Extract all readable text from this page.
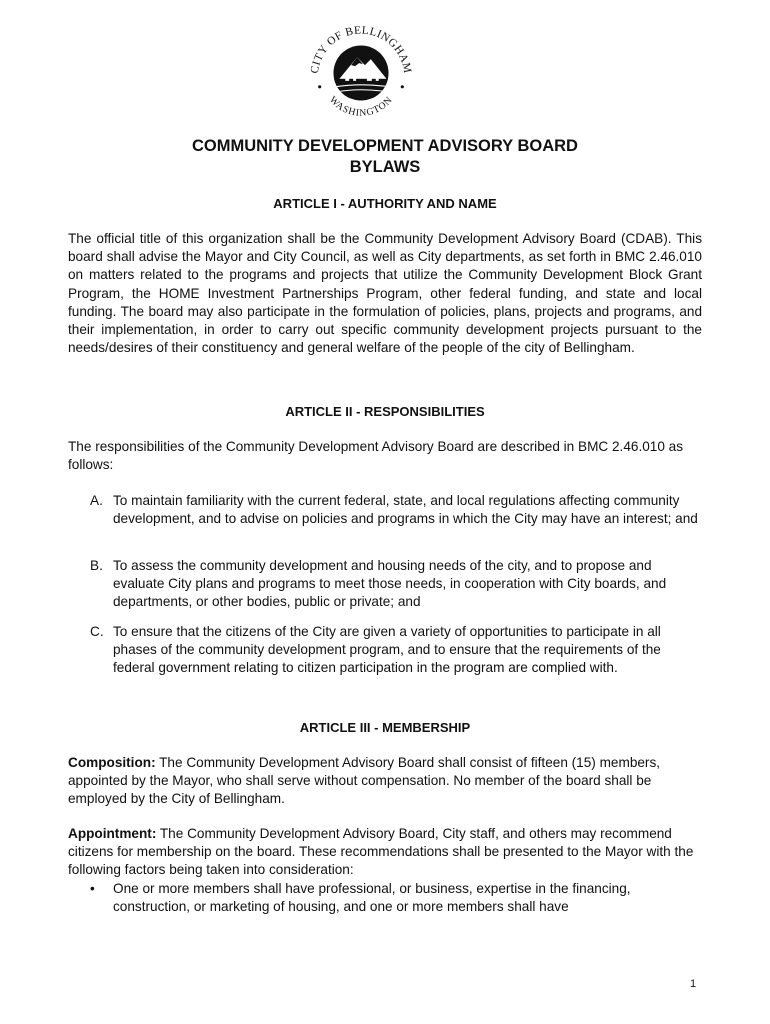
CITY OF BELLINGHAM
WASHINGTON
COMMUNITY DEVELOPMENT ADVISORY BOARD
BYLAWS
ARTICLE I - AUTHORITY AND NAME
The official title of this organization shall be the Community Development Advisory Board (CDAB). This board shall advise the Mayor and City Council, as well as City departments, as set forth in BMC 2.46.010 on matters related to the programs and projects that utilize the Community Development Block Grant Program, the HOME Investment Partnerships Program, other federal funding, and state and local funding. The board may also participate in the formulation of policies, plans, projects and programs, and their implementation, in order to carry out specific community development projects pursuant to the needs/desires of their constituency and general welfare of the people of the city of Bellingham.
ARTICLE II - RESPONSIBILITIES
The responsibilities of the Community Development Advisory Board are described in BMC 2.46.010 as follows:
A. To maintain familiarity with the current federal, state, and local regulations affecting community development, and to advise on policies and programs in which the City may have an interest; and
B. To assess the community development and housing needs of the city, and to propose and evaluate City plans and programs to meet those needs, in cooperation with City boards, and departments, or other bodies, public or private; and
C. To ensure that the citizens of the City are given a variety of opportunities to participate in all phases of the community development program, and to ensure that the requirements of the federal government relating to citizen participation in the program are complied with.
ARTICLE III - MEMBERSHIP
Composition: The Community Development Advisory Board shall consist of fifteen (15) members, appointed by the Mayor, who shall serve without compensation. No member of the board shall be employed by the City of Bellingham.
Appointment: The Community Development Advisory Board, City staff, and others may recommend citizens for membership on the board. These recommendations shall be presented to the Mayor with the following factors being taken into consideration:
• One or more members shall have professional, or business, expertise in the financing, construction, or marketing of housing, and one or more members shall have
1
